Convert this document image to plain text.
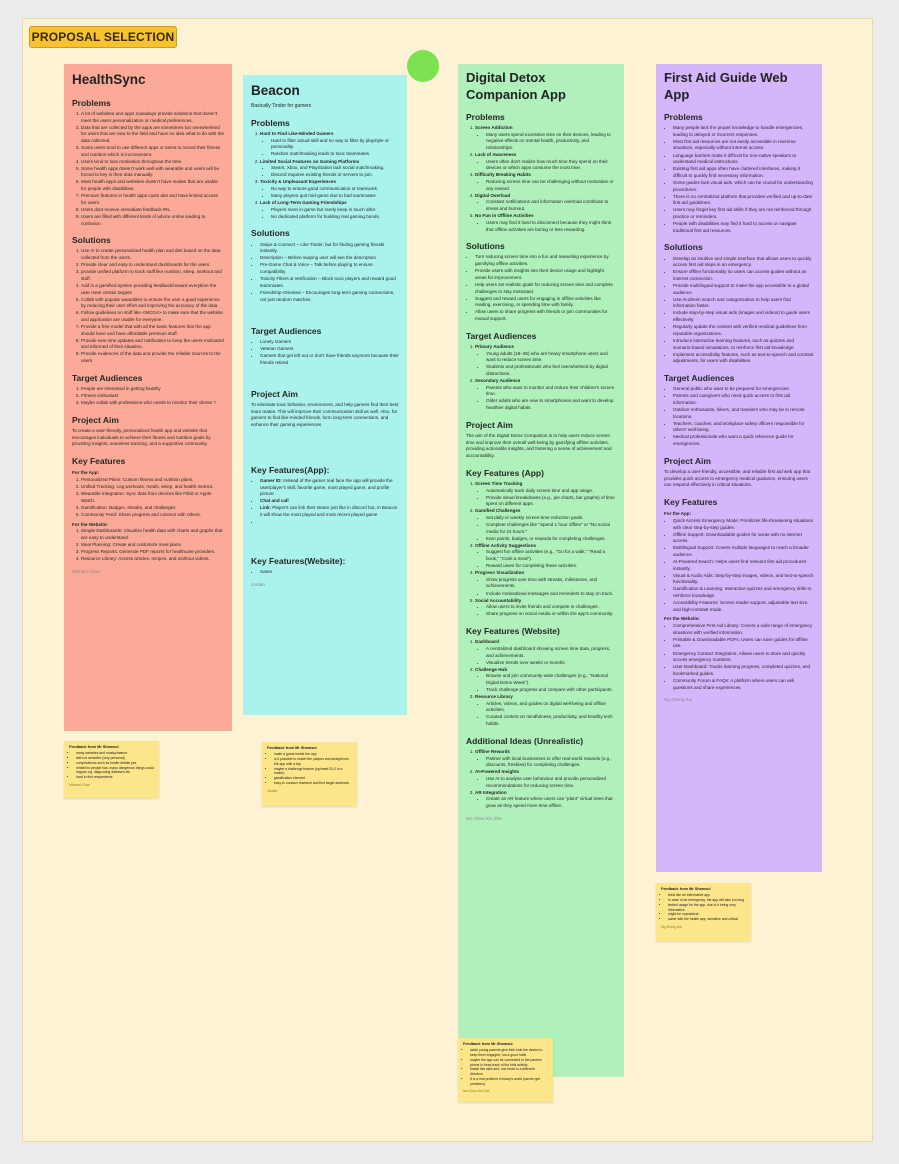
PROPOSAL SELECTION
HealthSync
Problems
1. A lot of websites and apps nowadays provide solutions that doesn't meet the users personalization or medical preferences.
2. Data that are collected by the apps are sometimes too overwhelmed for users that are new to the field and have no idea what to do with the data collected.
3. Some users tend to use different apps or items to record their fitness and nutrition which is inconvenient.
4. Users tend to lose motivation throughout the time.
5. Some health apps doesn't work well with wearable and users will be forced to key in their data manually.
6. Most health apps and websites doesn't have modes that are usable for people with disabilities.
7. Premium features in health apps costs alot and have limited access for users.
8. Users dont receive immediate feedback IRL.
9. Users are filled with different kinds of advice online leading to confusion.
Solutions
1. Use AI to create personalized health plan and diet based on the data collected from the users.
2. Provide clear and easy to understand dashboards for the users.
3. provide unified platform to track stuff like nutrition, sleep, workout and stuff.
4. Add in a gamified system providing feedback/reward everytime the user meet certain targets
5. Collab with popular wearables to ensure the user a good experience by reducing their user effort and improving the accuracy of the data.
6. Follow guidelines on stuff like <WCGA> to make sure that the website and application are usable for everyone.
7. Provide a free model that with all the basic features that the app should have and have affordable premium stuff.
8. Provide new time updates and notification to keep the users motivated and informed of their situation.
9. Provide evidences of the data and provide the reliable sources to the users.
Target Audiences
1. People are interested in getting healthy
2. Fitness enthusiast
3. Maybe collab with professions who needs to monitor their clients ?
Project Aim

To create a user-friendly, personalized health app and website that encourages individuals to achieve their fitness and nutrition goals by providing insights, seamless tracking, and a supportive community.

Key Features
For the App:
1. Personalized Plans: Custom fitness and nutrition plans.
2. Unified Tracking: Log workouts, meals, sleep, and health metrics.
3. Wearable Integration: Sync data from devices like Fitbit or Apple Watch.
4. Gamification: Badges, streaks, and challenges.
5. Community Feed: Share progress and connect with others.
For the Website:
1. Simple Dashboards: Visualize health data with charts and graphs that are easy to understand.
2. Meal Planning: Create and customize meal plans.
3. Progress Reports: Generate PDF reports for healthcare providers.
4. Resource Library: Access articles, recipes, and workout videos.
Michael Chan
Beacon
Basically Tinder for gamers
Problems
1. Hard to Find Like-Minded Gamers
• Hard to filter actual skill and no way to filter by playstyle or personality.
• Random matchmaking leads to toxic teammates.
2. Limited Social Features on Gaming Platforms
• Steam, Xbox, and PlayStation lack social matchmaking.
• Discord requires existing friends or servers to join.
3. Toxicity & Unpleasant Experiences
• No way to ensure good communication or teamwork.
• Many players quit mid-game due to bad teammates
4. Lack of Long-Term Gaming Friendships
• Players meet in-game but rarely keep in touch after.
• No dedicated platform for building real gaming bonds.
Solutions
• Swipe & Connect – Like Tinder, but for finding gaming friends instantly.
• Description – Before swiping user will see the description
• Pre-Game Chat & Voice – Talk before playing to ensure compatibility.
• Toxicity Filters & Verification – Block toxic players and reward good teammates.
• Friendship-Oriented – Encourages long-term gaming connections, not just random matches.
Target Audiences
• Lonely Gamers
• Veteran Gamers
• Gamers that get left out or don't have friends anymore because their friends retired
Project Aim

To eliminate toxic behavior, environment, and help gamers find their best team mates. This will improve their communication skill as well. Also, for gamers to find like-minded friends, form long-term connections, and enhance their gaming experiences

Key Features(App):
• Gamer ID: Instead of the gamer real face the app will provide the user/player's skill, favorite game, most played game, and profile picture
• Chat and call
• Link: Player's can link their steam just like in discord but, in Beacon it will show the most played and most recent played game
•
Key Features(Website):
• Same
Jordan
Digital Detox Companion App
Problems
1. Screen Addiction
• Many users spend excessive time on their devices, leading to negative effects on mental health, productivity, and relationships.
2. Lack of Awareness
• Users often don't realize how much time they spend on their devices or which apps consume the most time.
3. Difficulty Breaking Habits
• Reducing screen time can be challenging without motivation or any reward.
4. Digital Overload
• Constant notifications and information overload contribute to stress and burnout.
5. No Fun in Offline Activities
• Users may find it hard to disconnect because they might think that offline activities are boring or less rewarding.
Solutions
• Turn reducing screen time into a fun and rewarding experience by gamifying offline activities.
• Provide users with insights into their device usage and highlight areas for improvement.
• Help users set realistic goals for reducing screen time and complete challenges to stay motivated.
• Suggest and reward users for engaging in offline activities like reading, exercising, or spending time with family.
• Allow users to share progress with friends or join communities for mutual support.
Target Audiences
1. Primary Audience
• Young adults (18–35) who are heavy smartphone users and want to reduce screen time.
• Students and professionals who feel overwhelmed by digital distractions.
2. Secondary Audience
• Parents who want to monitor and reduce their children's screen time.
• Older adults who are new to smartphones and want to develop healthier digital habits.
Project Aim

The aim of the Digital Detox Companion is to help users reduce screen time and improve their overall well-being by gamifying offline activities, providing actionable insights, and fostering a sense of achievement and accountability.

Key Features (App)
1. Screen Time Tracking
• Automatically track daily screen time and app usage.
• Provide visual breakdowns (e.g., pie charts, bar graphs) of time spent on different apps.
2. Gamified Challenges
• Set daily or weekly screen-time reduction goals.
• Complete challenges like "Spend 1 hour offline" or "No social media for 24 hours."
• Earn points, badges, or rewards for completing challenges.
3. Offline Activity Suggestions
• Suggest fun offline activities (e.g., "Go for a walk," "Read a book," "Cook a meal").
• Reward users for completing these activities.
4. Progress Visualization
• Show progress over time with streaks, milestones, and achievements.
• Include motivational messages and reminders to stay on track.
5. Social Accountability
• Allow users to invite friends and compete in challenges.
• Share progress on social media or within the app's community.
Key Features (Website)
1. Dashboard
• A centralized dashboard showing screen time data, progress, and achievements.
• Visualize trends over weeks or months.
2. Challenge Hub
• Browse and join community-wide challenges (e.g., "National Digital Detox Week").
• Track challenge progress and compare with other participants.
3. Resource Library
• Articles, videos, and guides on digital well-being and offline activities.
• Curated content on mindfulness, productivity, and healthy tech habits.
Additional Ideas (Unrealistic)
1. Offline Rewards
• Partner with local businesses to offer real-world rewards (e.g., discounts, freebies) for completing challenges.
2. AI-Powered Insights
• Use AI to analyse user behaviour and provide personalized recommendations for reducing screen time.
3. AR Integration
• Create an AR feature where users can "plant" virtual trees that grow as they spend more time offline.
Ian Chou Xin Zhe
First Aid Guide Web App
Problems
• Many people lack the proper knowledge to handle emergencies, leading to delayed or incorrect responses.
• Most first aid resources are not easily accessible in real-time situations, especially without internet access.
• Language barriers make it difficult for non-native speakers to understand medical instructions.
• Existing first aid apps often have cluttered interfaces, making it difficult to quickly find necessary information.
• Some guides lack visual aids, which can be crucial for understanding procedures.
• There is no centralized platform that provides verified and up-to-date first aid guidelines.
• Users may forget key first aid skills if they are not reinforced through practice or reminders.
• People with disabilities may find it hard to access or navigate traditional first aid resources.
Solutions
• Develop an intuitive and simple interface that allows users to quickly access first aid steps in an emergency.
• Ensure offline functionality so users can access guides without an internet connection.
• Provide multilingual support to make the app accessible to a global audience.
• Use AI-driven search and categorization to help users find information faster.
• Include step-by-step visual aids (images and videos) to guide users effectively.
• Regularly update the content with verified medical guidelines from reputable organizations.
• Introduce interactive learning features, such as quizzes and scenario-based simulations, to reinforce first aid knowledge.
• Implement accessibility features, such as text-to-speech and contrast adjustments, for users with disabilities.
Target Audiences
• General public who want to be prepared for emergencies.
• Parents and caregivers who need quick access to first aid information.
• Outdoor enthusiasts, hikers, and travelers who may be in remote locations.
• Teachers, coaches, and workplace safety officers responsible for others' well-being.
• Medical professionals who want a quick reference guide for emergencies.
Project Aim

To develop a user-friendly, accessible, and reliable first aid web app that provides quick access to emergency medical guidance, ensuring users can respond effectively in critical situations.

Key Features
For the App:
• Quick Access Emergency Mode: Prioritizes life-threatening situations with clear step-by-step guides.
• Offline Support: Downloadable guides for areas with no internet access.
• Multilingual Support: Covers multiple languages to reach a broader audience.
• AI-Powered Search: Helps users find relevant first aid procedures instantly.
• Visual & Audio Aids: Step-by-step images, videos, and text-to-speech functionality.
• Gamification & Learning: Interactive quizzes and emergency drills to reinforce knowledge.
• Accessibility Features: Screen reader support, adjustable text size, and high-contrast mode.
For the Website:
• Comprehensive First Aid Library: Covers a wide range of emergency situations with verified information.
• Printable & Downloadable PDFs: Users can save guides for offline use.
• Emergency Contact Integration: Allows users to store and quickly access emergency numbers.
• User Dashboard: Tracks learning progress, completed quizzes, and bookmarked guides.
• Community Forum & FAQs: A platform where users can ask questions and share experiences.
Ng Zheng Kai
Feedback from Mr Shamsul
• many websites and mostly/mature
• diet not sensitive (very personal)
• complications such as health details yes
• related to people has, many dangerous things could happen eg. diagnosing diseases etc
• hard to find respondents
Michael Chan
Feedback from Mr Shamsul
• make a game inside the app
• is it possible to match the players and straight into the app with a tap
• maybe a challenge feature (up/meet ELO in a match)
• gamification element
• easy to conduct research and find target audience
Jordan
Feedback from Mr Shamsul
• aside young parents give their kids the device to keep them engaged, not a good habit
• maybe the app can be connected to the parents phone to keep track of the kids activity
• Install this idea and, can head to a different direction
• It is a real problem in today's world (screen get problems)
Ian Chou Xin Zhe
Feedback from Mr Shamsul
• feels like an informative app
• In case of an emergency, the app will take too long
• limited usage for the app, due to it being very informative
• might be unpractical
• same with the health app, sensitive and critical
Ng Zheng Kai
